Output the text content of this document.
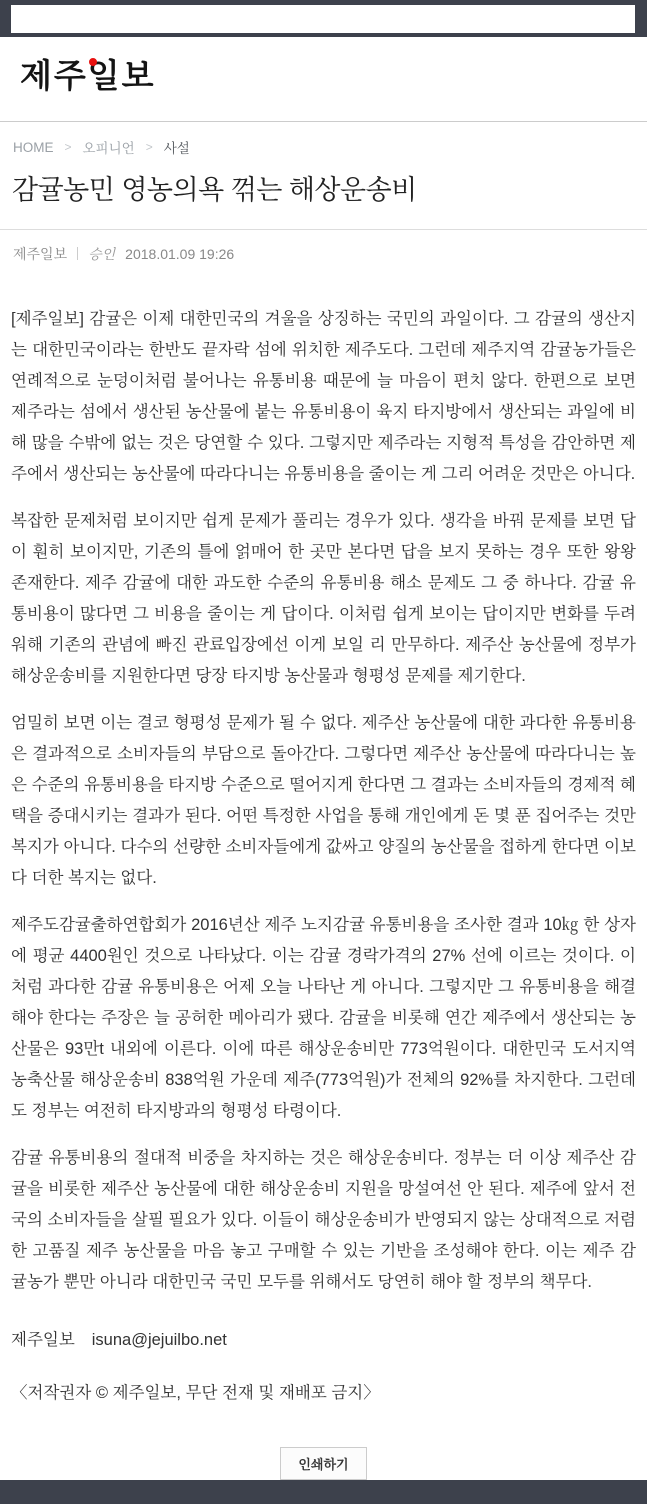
제주일보
HOME > 오피니언 > 사설
감귤농민 영농의욕 꺾는 해상운송비
제주일보 승인 2018.01.09 19:26

[제주일보] 감귤은 이제 대한민국의 겨울을 상징하는 국민의 과일이다. 그 감귤의 생산지는 대한민국이라는 한반도 끝자락 섬에 위치한 제주도다. 그런데 제주지역 감귤농가들은 연례적으로 눈덩이처럼 불어나는 유통비용 때문에 늘 마음이 편치 않다. 한편으로 보면 제주라는 섬에서 생산된 농산물에 붙는 유통비용이 육지 타지방에서 생산되는 과일에 비해 많을 수밖에 없는 것은 당연할 수 있다. 그렇지만 제주라는 지형적 특성을 감안하면 제주에서 생산되는 농산물에 따라다니는 유통비용을 줄이는 게 그리 어려운 것만은 아니다.

복잡한 문제처럼 보이지만 쉽게 문제가 풀리는 경우가 있다. 생각을 바꿔 문제를 보면 답이 훤히 보이지만, 기존의 틀에 얽매어 한 곳만 본다면 답을 보지 못하는 경우 또한 왕왕 존재한다. 제주 감귤에 대한 과도한 수준의 유통비용 해소 문제도 그 중 하나다. 감귤 유통비용이 많다면 그 비용을 줄이는 게 답이다. 이처럼 쉽게 보이는 답이지만 변화를 두려워해 기존의 관념에 빠진 관료입장에선 이게 보일 리 만무하다. 제주산 농산물에 정부가 해상운송비를 지원한다면 당장 타지방 농산물과 형평성 문제를 제기한다.

엄밀히 보면 이는 결코 형평성 문제가 될 수 없다. 제주산 농산물에 대한 과다한 유통비용은 결과적으로 소비자들의 부담으로 돌아간다. 그렇다면 제주산 농산물에 따라다니는 높은 수준의 유통비용을 타지방 수준으로 떨어지게 한다면 그 결과는 소비자들의 경제적 혜택을 증대시키는 결과가 된다. 어떤 특정한 사업을 통해 개인에게 돈 몇 푼 집어주는 것만 복지가 아니다. 다수의 선량한 소비자들에게 값싸고 양질의 농산물을 접하게 한다면 이보다 더한 복지는 없다.

제주도감귤출하연합회가 2016년산 제주 노지감귤 유통비용을 조사한 결과 10㎏ 한 상자에 평균 4400원인 것으로 나타났다. 이는 감귤 경락가격의 27% 선에 이르는 것이다. 이처럼 과다한 감귤 유통비용은 어제 오늘 나타난 게 아니다. 그렇지만 그 유통비용을 해결해야 한다는 주장은 늘 공허한 메아리가 됐다. 감귤을 비롯해 연간 제주에서 생산되는 농산물은 93만t 내외에 이른다. 이에 따른 해상운송비만 773억원이다. 대한민국 도서지역 농축산물 해상운송비 838억원 가운데 제주(773억원)가 전체의 92%를 차지한다. 그런데도 정부는 여전히 타지방과의 형평성 타령이다.

감귤 유통비용의 절대적 비중을 차지하는 것은 해상운송비다. 정부는 더 이상 제주산 감귤을 비롯한 제주산 농산물에 대한 해상운송비 지원을 망설여선 안 된다. 제주에 앞서 전국의 소비자들을 살필 필요가 있다. 이들이 해상운송비가 반영되지 않는 상대적으로 저렴한 고품질 제주 농산물을 마음 놓고 구매할 수 있는 기반을 조성해야 한다. 이는 제주 감귤농가 뿐만 아니라 대한민국 국민 모두를 위해서도 당연히 해야 할 정부의 책무다.

제주일보 isuna@jejuilbo.net
〈저작권자 © 제주일보, 무단 전재 및 재배포 금지〉
인쇄하기
